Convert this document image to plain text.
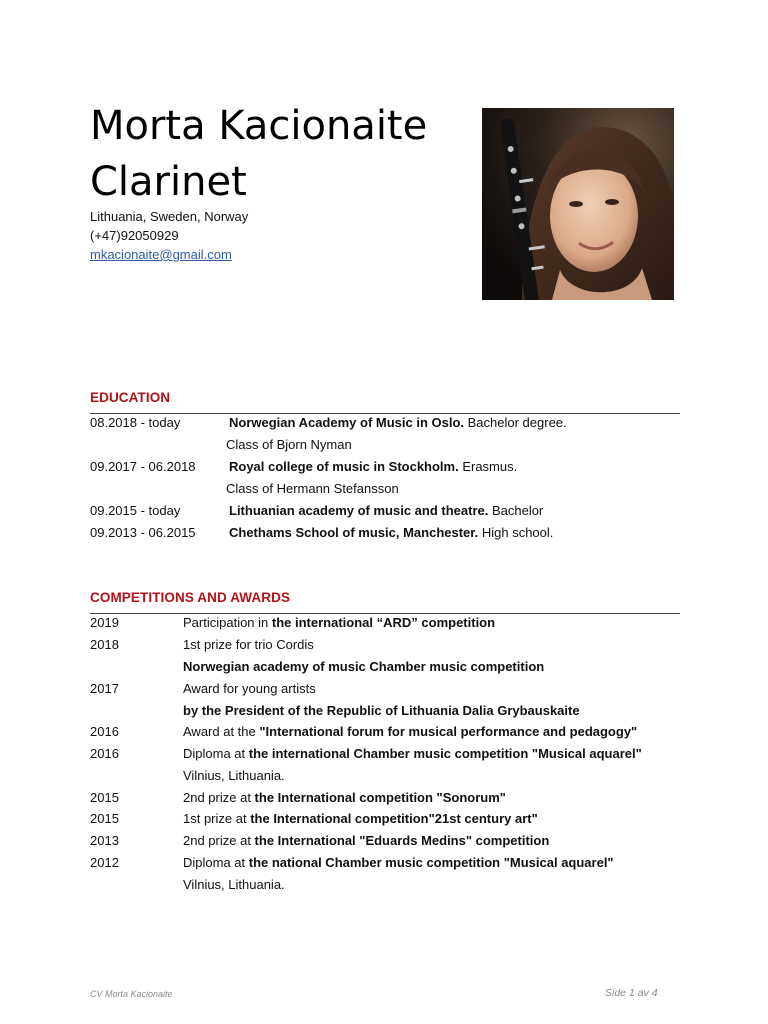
Morta Kacionaite
Clarinet
Lithuania, Sweden, Norway
(+47)92050929
mkacionaite@gmail.com
EDUCATION
08.2018 - today	Norwegian Academy of Music in Oslo. Bachelor degree.
Class of Bjorn Nyman
09.2017 - 06.2018	Royal college of music in Stockholm. Erasmus.
Class of Hermann Stefansson
09.2015 - today	Lithuanian academy of music and theatre. Bachelor
09.2013 - 06.2015	Chethams School of music, Manchester. High school.
COMPETITIONS AND AWARDS
2019	Participation in the international “ARD” competition
2018	1st prize for trio Cordis
Norwegian academy of music Chamber music competition
2017	Award for young artists
by the President of the Republic of Lithuania Dalia Grybauskaite
2016	Award at the "International forum for musical performance and pedagogy"
2016	Diploma at the international Chamber music competition "Musical aquarel"
Vilnius, Lithuania.
2015	2nd prize at the International competition "Sonorum"
2015	1st prize at the International competition"21st century art"
2013	2nd prize at the International "Eduards Medins" competition
2012	Diploma at the national Chamber music competition "Musical aquarel"
Vilnius, Lithuania.
CV Morta Kacionaite	Side 1 av 4
